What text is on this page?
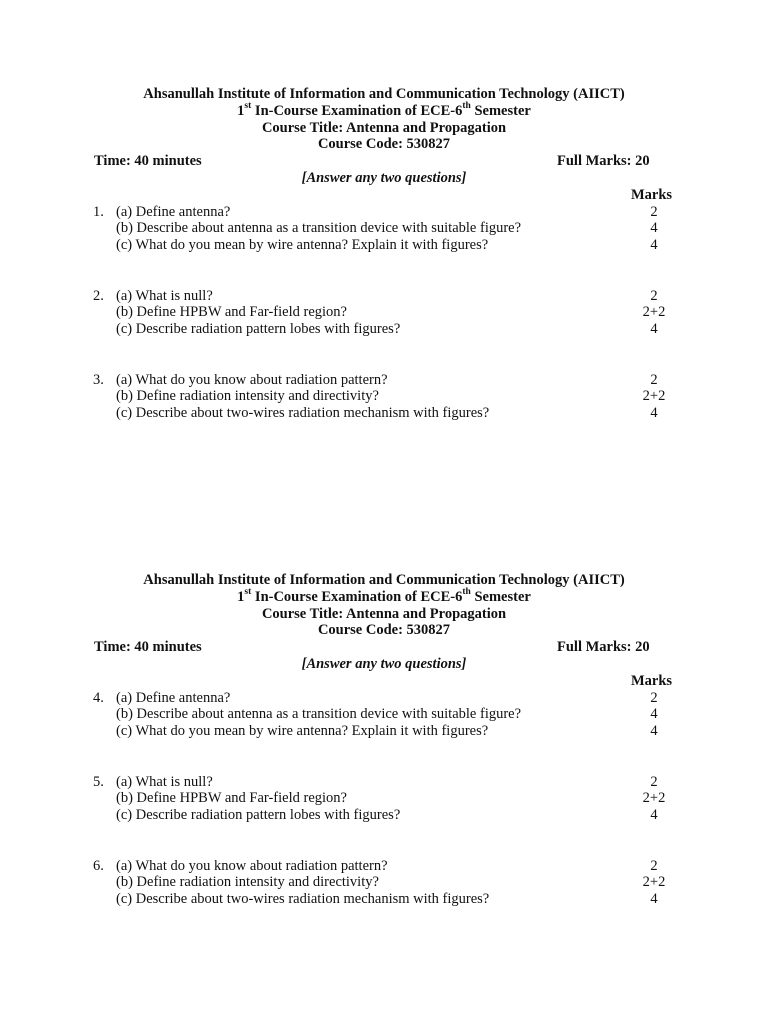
Ahsanullah Institute of Information and Communication Technology (AIICT)

1st In-Course Examination of ECE-6th Semester

Course Title: Antenna and Propagation

Course Code: 530827

Time: 40 minutes	Full Marks: 20
[Answer any two questions]
Marks
1. (a) Define antenna?	2
(b) Describe about antenna as a transition device with suitable figure?	4
(c) What do you mean by wire antenna? Explain it with figures?	4
2. (a) What is null?	2
(b) Define HPBW and Far-field region?	2+2
(c) Describe radiation pattern lobes with figures?	4
3. (a) What do you know about radiation pattern?	2
(b) Define radiation intensity and directivity?	2+2
(c) Describe about two-wires radiation mechanism with figures?	4

Ahsanullah Institute of Information and Communication Technology (AIICT)

1st In-Course Examination of ECE-6th Semester

Course Title: Antenna and Propagation

Course Code: 530827

Time: 40 minutes	Full Marks: 20
[Answer any two questions]
Marks
4. (a) Define antenna?	2
(b) Describe about antenna as a transition device with suitable figure?	4
(c) What do you mean by wire antenna? Explain it with figures?	4
5. (a) What is null?	2
(b) Define HPBW and Far-field region?	2+2
(c) Describe radiation pattern lobes with figures?	4
6. (a) What do you know about radiation pattern?	2
(b) Define radiation intensity and directivity?	2+2
(c) Describe about two-wires radiation mechanism with figures?	4
